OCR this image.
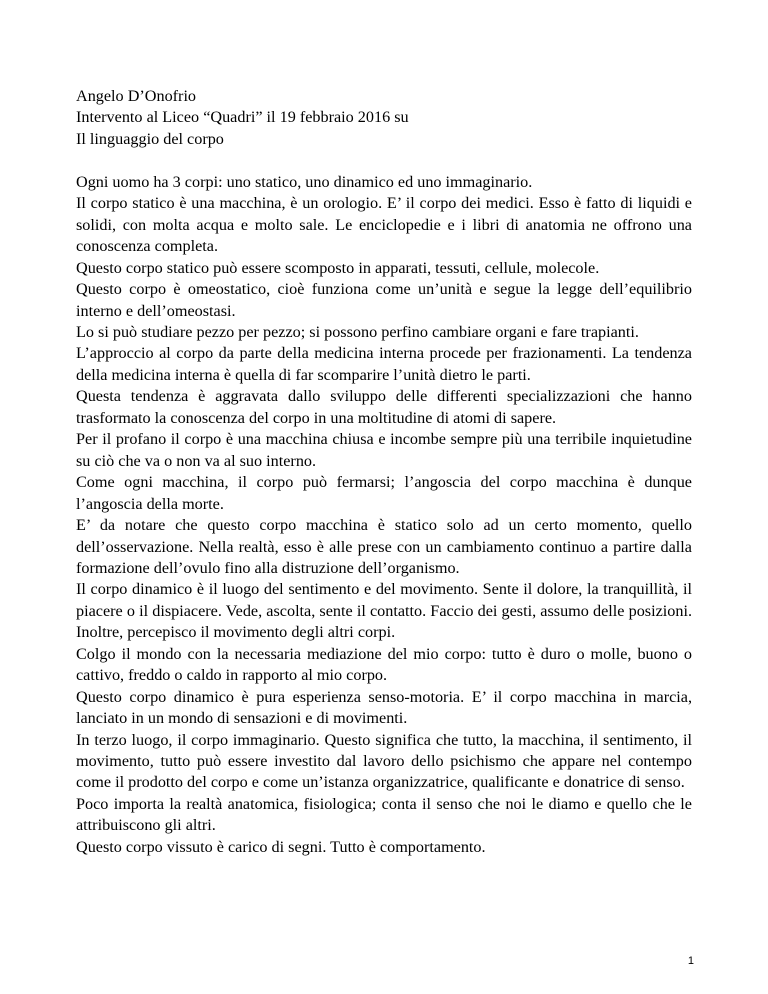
Angelo D’Onofrio

Intervento al Liceo “Quadri” il 19 febbraio 2016 su

Il linguaggio del corpo

Ogni uomo ha 3 corpi: uno statico, uno dinamico ed uno immaginario.

Il corpo statico è una macchina, è un orologio. E’ il corpo dei medici. Esso è fatto di liquidi e solidi, con molta acqua e molto sale. Le enciclopedie e i libri di anatomia ne offrono una conoscenza completa.

Questo corpo statico può essere scomposto in apparati, tessuti, cellule, molecole.

Questo corpo è omeostatico, cioè funziona come un’unità e segue la legge dell’equilibrio interno e dell’omeostasi.

Lo si può studiare pezzo per pezzo; si possono perfino cambiare organi e fare trapianti.

L’approccio al corpo da parte della medicina interna procede per frazionamenti. La tendenza della medicina interna è quella di far scomparire l’unità dietro le parti.

Questa tendenza è aggravata dallo sviluppo delle differenti specializzazioni che hanno trasformato la conoscenza del corpo in una moltitudine di atomi di sapere.

Per il profano il corpo è una macchina chiusa e incombe sempre più una terribile inquietudine su ciò che va o non va al suo interno.

Come ogni macchina, il corpo può fermarsi; l’angoscia del corpo macchina è dunque l’angoscia della morte.

E’ da notare che questo corpo macchina è statico solo ad un certo momento, quello dell’osservazione. Nella realtà, esso è alle prese con un cambiamento continuo a partire dalla formazione dell’ovulo fino alla distruzione dell’organismo.

Il corpo dinamico è il luogo del sentimento e del movimento. Sente il dolore, la tranquillità, il piacere o il dispiacere. Vede, ascolta, sente il contatto. Faccio dei gesti, assumo delle posizioni. Inoltre, percepisco il movimento degli altri corpi.

Colgo il mondo con la necessaria mediazione del mio corpo: tutto è duro o molle, buono o cattivo, freddo o caldo in rapporto al mio corpo.

Questo corpo dinamico è pura esperienza senso-motoria. E’ il corpo macchina in marcia, lanciato in un mondo di sensazioni e di movimenti.

In terzo luogo, il corpo immaginario. Questo significa che tutto, la macchina, il sentimento, il movimento, tutto può essere investito dal lavoro dello psichismo che appare nel contempo come il prodotto del corpo e come un’istanza organizzatrice, qualificante e donatrice di senso.

Poco importa la realtà anatomica, fisiologica; conta il senso che noi le diamo e quello che le attribuiscono gli altri.

Questo corpo vissuto è carico di segni. Tutto è comportamento.

1
